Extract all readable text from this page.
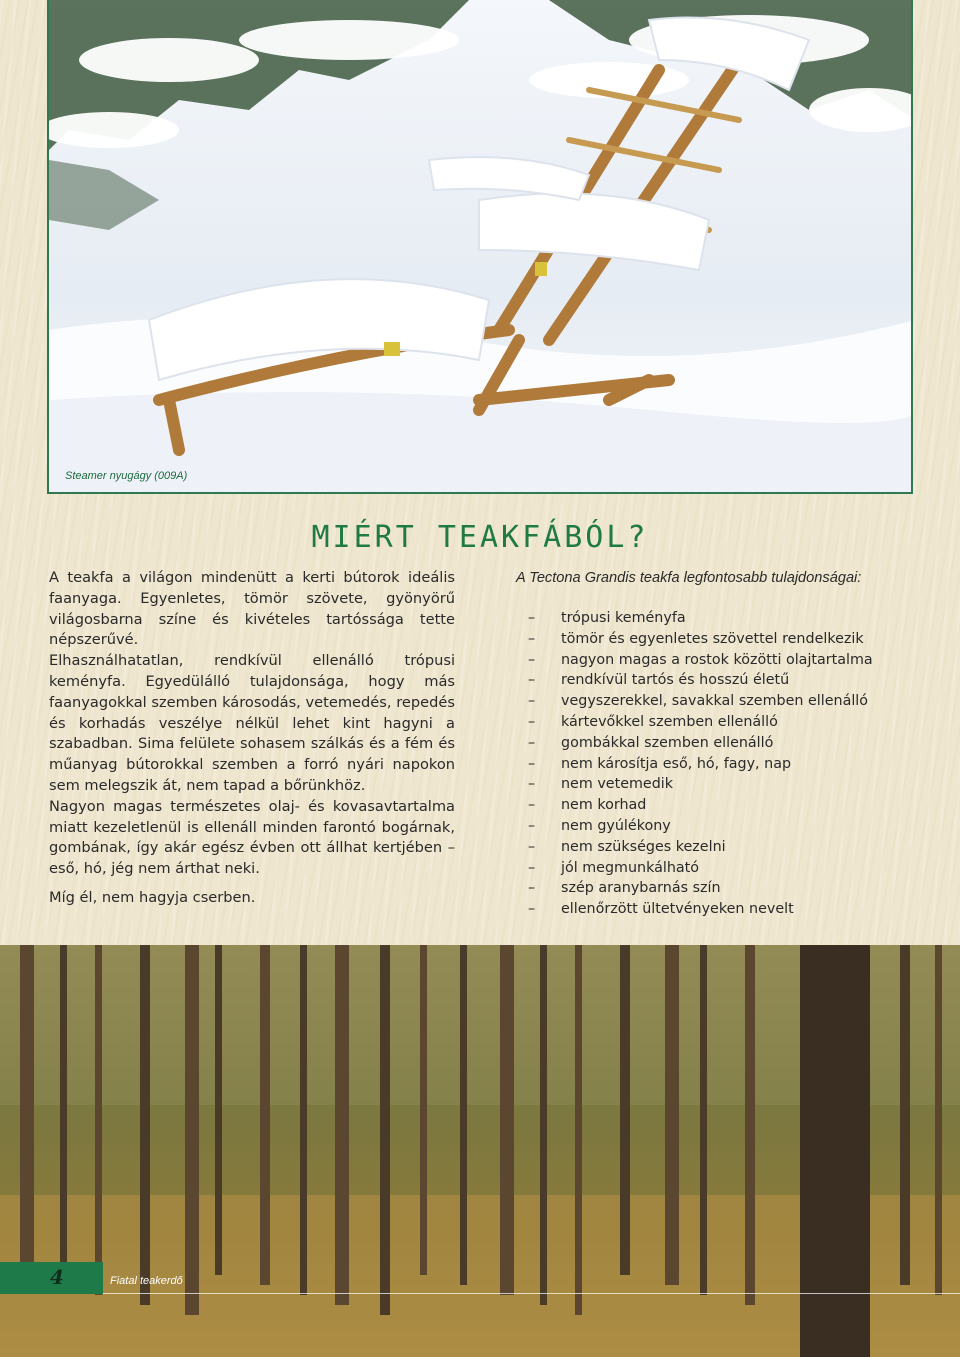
Steamer nyugágy (009A)
MIÉRT TEAKFÁBÓL?

A teakfa a világon mindenütt a kerti bútorok ideális faanyaga. Egyenletes, tömör szövete, gyönyörű világosbarna színe és kivételes tartóssága tette népszerűvé.

Elhasználhatatlan, rendkívül ellenálló trópusi keményfa. Egyedülálló tulajdonsága, hogy más faanyagokkal szemben károsodás, vetemedés, repedés és korhadás veszélye nélkül lehet kint hagyni a szabadban. Sima felülete sohasem szálkás és a fém és műanyag bútorokkal szemben a forró nyári napokon sem melegszik át, nem tapad a bőrünkhöz.

Nagyon magas természetes olaj- és kovasavtartalma miatt kezeletlenül is ellenáll minden farontó bogárnak, gombának, így akár egész évben ott állhat kertjében – eső, hó, jég nem árthat neki.

Míg él, nem hagyja cserben.

A Tectona Grandis teakfa legfontosabb tulajdonságai:
– trópusi keményfa
– tömör és egyenletes szövettel rendelkezik
– nagyon magas a rostok közötti olajtartalma
– rendkívül tartós és hosszú életű
– vegyszerekkel, savakkal szemben ellenálló
– kártevőkkel szemben ellenálló
– gombákkal szemben ellenálló
– nem károsítja eső, hó, fagy, nap
– nem vetemedik
– nem korhad
– nem gyúlékony
– nem szükséges kezelni
– jól megmunkálható
– szép aranybarnás szín
– ellenőrzött ültetvényeken nevelt
4	Fiatal teakerdő
